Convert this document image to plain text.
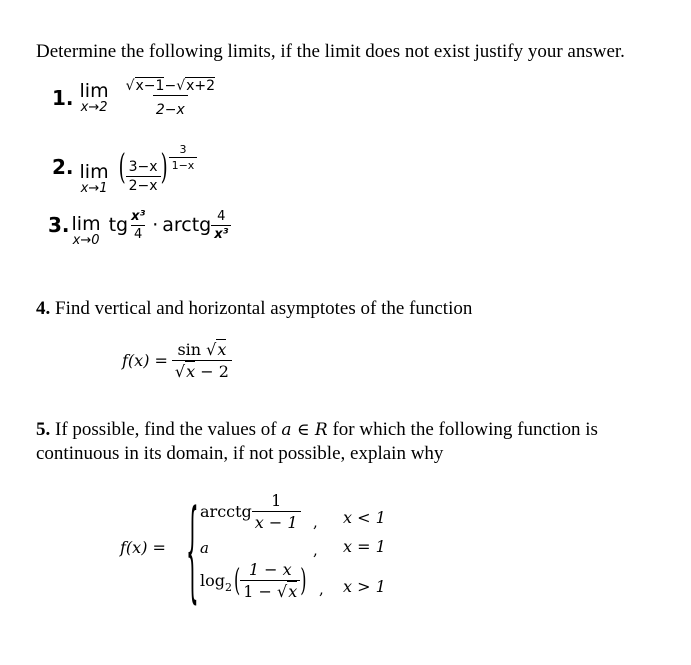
Determine the following limits, if the limit does not exist justify your answer.
1. lim
$x\to 2 \frac{√x-1-√x+2}{2-x}$
2. lim
x→1
( $\frac{3-x}{2-x}$ ) $\frac{3}{1-x}$
3. lim
x→0
tg $\frac{\text{x³}}{4}$ · arctg $\frac{4}{\text{x³}}$
4. Find vertical and horizontal asymptotes of the function
$f(x) = \frac{\sin √x}{√x - 2}$
5. If possible, find the values of a ∈ R for which the following function is
continuous in its domain, if not possible, explain why
f(x) = { arcctg $\frac{1}{x - 1}$ , x < 1
a	, x = 1
log 2 ( $\frac{1 - x}{1 - √x}$ ) , x > 1
